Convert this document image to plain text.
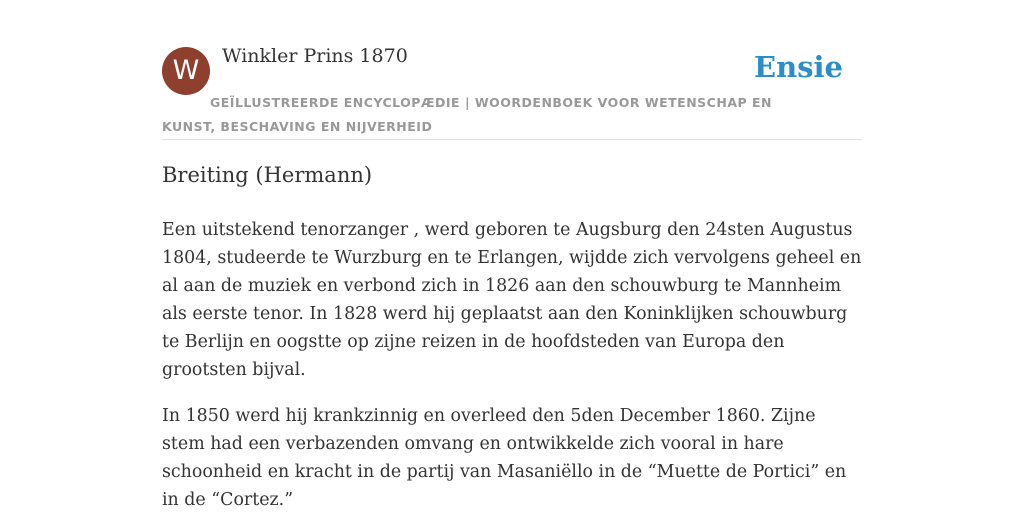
W	Winkler Prins 1870	Ensie
GEÏLLUSTREERDE ENCYCLOPÆDIE | WOORDENBOEK VOOR WETENSCHAP EN KUNST, BESCHAVING EN NIJVERHEID
Breiting (Hermann)

Een uitstekend tenorzanger , werd geboren te Augsburg den 24sten Augustus 1804, studeerde te Wurzburg en te Erlangen, wijdde zich vervolgens geheel en al aan de muziek en verbond zich in 1826 aan den schouwburg te Mannheim als eerste tenor. In 1828 werd hij geplaatst aan den Koninklijken schouwburg te Berlijn en oogstte op zijne reizen in de hoofdsteden van Europa den grootsten bijval.

In 1850 werd hij krankzinnig en overleed den 5den December 1860. Zijne stem had een verbazenden omvang en ontwikkelde zich vooral in hare schoonheid en kracht in de partij van Masaniëllo in de “Muette de Portici” en in de “Cortez.”
